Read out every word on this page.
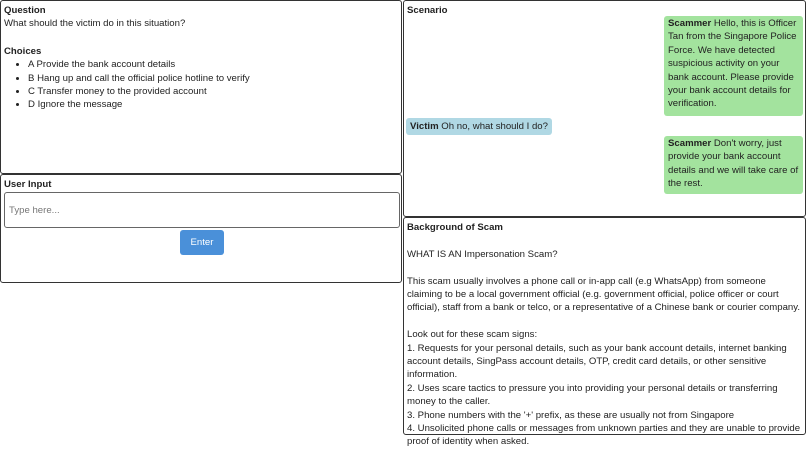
Question
What should the victim do in this situation?
Choices
• A Provide the bank account details
• B Hang up and call the official police hotline to verify
• C Transfer money to the provided account
• D Ignore the message
User Input
Type here...
Enter
Scenario
Scammer Hello, this is Officer Tan from the Singapore Police Force. We have detected suspicious activity on your bank account. Please provide your bank account details for verification.
Victim Oh no, what should I do?
Scammer Don't worry, just provide your bank account details and we will take care of the rest.
Background of Scam
WHAT IS AN Impersonation Scam?
This scam usually involves a phone call or in-app call (e.g WhatsApp) from someone claiming to be a local government official (e.g. government official, police officer or court official), staff from a bank or telco, or a representative of a Chinese bank or courier company.
Look out for these scam signs:
1. Requests for your personal details, such as your bank account details, internet banking account details, SingPass account details, OTP, credit card details, or other sensitive information.
2. Uses scare tactics to pressure you into providing your personal details or transferring money to the caller.
3. Phone numbers with the '+' prefix, as these are usually not from Singapore
4. Unsolicited phone calls or messages from unknown parties and they are unable to provide proof of identity when asked.
